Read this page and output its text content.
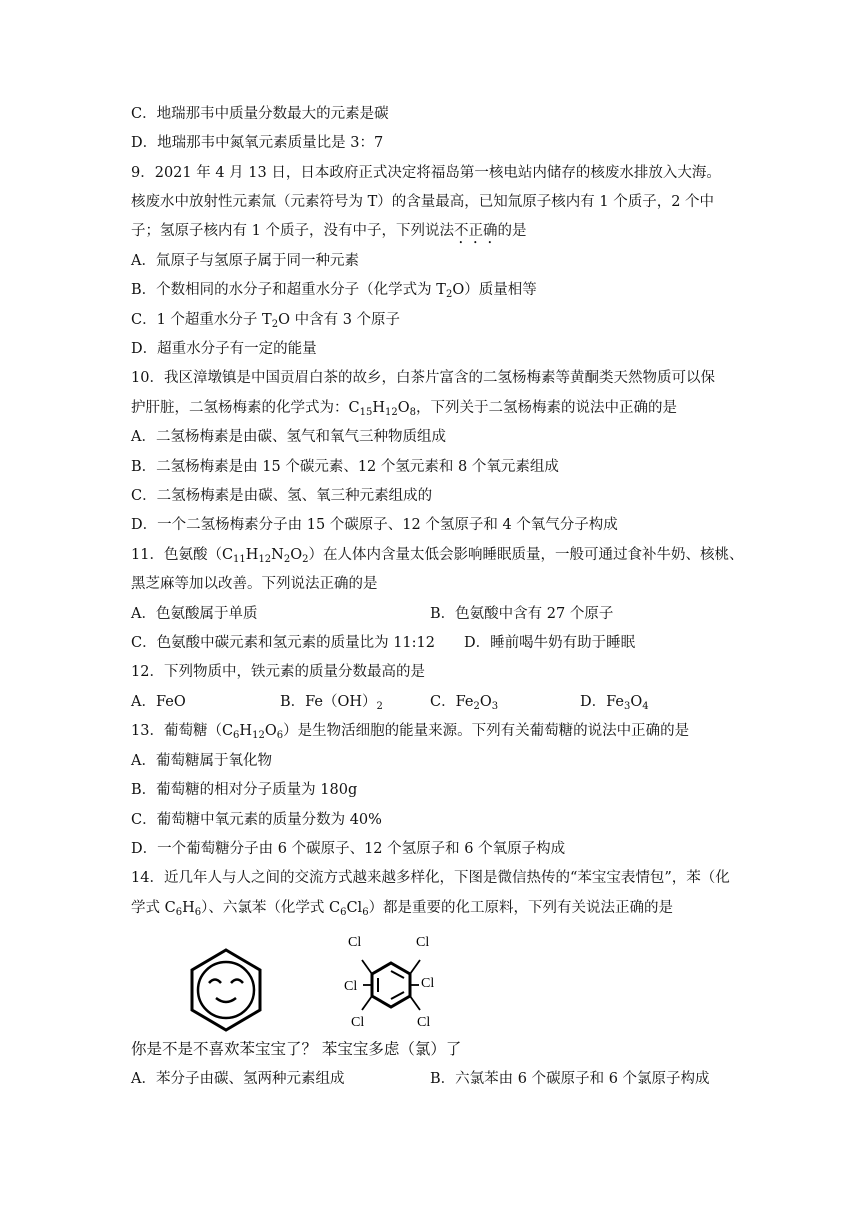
C．地瑞那韦中质量分数最大的元素是碳
D．地瑞那韦中氮氧元素质量比是 3：7
9．2021 年 4 月 13 日，日本政府正式决定将福岛第一核电站内储存的核废水排放入大海。
核废水中放射性元素氚（元素符号为 T）的含量最高，已知氚原子核内有 1 个质子，2 个中
子；氢原子核内有 1 个质子，没有中子，下列说法不正确的是
A．氚原子与氢原子属于同一种元素
B．个数相同的水分子和超重水分子（化学式为 $T_2O$）质量相等
C．1 个超重水分子 $T_2O$ 中含有 3 个原子
D．超重水分子有一定的能量
10．我区漳墩镇是中国贡眉白茶的故乡，白茶片富含的二氢杨梅素等黄酮类天然物质可以保
护肝脏，二氢杨梅素的化学式为：$C_{15}H_{12}O_8$，下列关于二氢杨梅素的说法中正确的是
A．二氢杨梅素是由碳、氢气和氧气三种物质组成
B．二氢杨梅素是由 15 个碳元素、12 个氢元素和 8 个氧元素组成
C．二氢杨梅素是由碳、氢、氧三种元素组成的
D．一个二氢杨梅素分子由 15 个碳原子、12 个氢原子和 4 个氧气分子构成
11．色氨酸$(C_{11}H_{12}N_2O_2)$在人体内含量太低会影响睡眠质量，一般可通过食补牛奶、核桃、
黑芝麻等加以改善。下列说法正确的是
A．色氨酸属于单质	B．色氨酸中含有 27 个原子
C．色氨酸中碳元素和氢元素的质量比为 11:12 D．睡前喝牛奶有助于睡眠
12．下列物质中，铁元素的质量分数最高的是
A．FeO	B．$Fe(OH)_2$	C．$Fe_2O_3$	D．$Fe_3O_4$
13．葡萄糖$(C_6H_{12}O_6)$是生物活细胞的能量来源。下列有关葡萄糖的说法中正确的是
A．葡萄糖属于氧化物
B．葡萄糖的相对分子质量为 180g
C．葡萄糖中氧元素的质量分数为 40%
D．一个葡萄糖分子由 6 个碳原子、12 个氢原子和 6 个氧原子构成
14．近几年人与人之间的交流方式越来越多样化，下图是微信热传的“苯宝宝表情包”，苯（化
学式 $C_6H_6$）、六氯苯（化学式 $C_6Cl_6$）都是重要的化工原料，下列有关说法正确的是
Cl	Cl
Cl	Cl
Cl	Cl
你是不是不喜欢苯宝宝了？ 苯宝宝多虑（氯）了
A．苯分子由碳、氢两种元素组成	B．六氯苯由 6 个碳原子和 6 个氯原子构成
